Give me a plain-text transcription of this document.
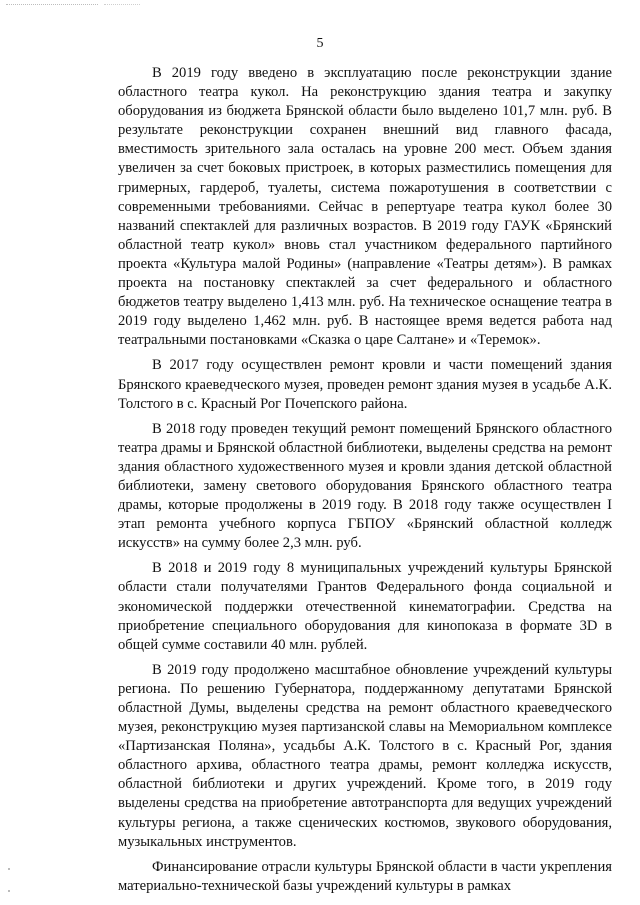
5

В 2019 году введено в эксплуатацию после реконструкции здание областного театра кукол. На реконструкцию здания театра и закупку оборудования из бюджета Брянской области было выделено 101,7 млн. руб. В результате реконструкции сохранен внешний вид главного фасада, вместимость зрительного зала осталась на уровне 200 мест. Объем здания увеличен за счет боковых пристроек, в которых разместились помещения для гримерных, гардероб, туалеты, система пожаротушения в соответствии с современными требованиями. Сейчас в репертуаре театра кукол более 30 названий спектаклей для различных возрастов. В 2019 году ГАУК «Брянский областной театр кукол» вновь стал участником федерального партийного проекта «Культура малой Родины» (направление «Театры детям»). В рамках проекта на постановку спектаклей за счет федерального и областного бюджетов театру выделено 1,413 млн. руб. На техническое оснащение театра в 2019 году выделено 1,462 млн. руб. В настоящее время ведется работа над театральными постановками «Сказка о царе Салтане» и «Теремок».

В 2017 году осуществлен ремонт кровли и части помещений здания Брянского краеведческого музея, проведен ремонт здания музея в усадьбе А.К. Толстого в с. Красный Рог Почепского района.

В 2018 году проведен текущий ремонт помещений Брянского областного театра драмы и Брянской областной библиотеки, выделены средства на ремонт здания областного художественного музея и кровли здания детской областной библиотеки, замену светового оборудования Брянского областного театра драмы, которые продолжены в 2019 году. В 2018 году также осуществлен I этап ремонта учебного корпуса ГБПОУ «Брянский областной колледж искусств» на сумму более 2,3 млн. руб.

В 2018 и 2019 году 8 муниципальных учреждений культуры Брянской области стали получателями Грантов Федерального фонда социальной и экономической поддержки отечественной кинематографии. Средства на приобретение специального оборудования для кинопоказа в формате 3D в общей сумме составили 40 млн. рублей.

В 2019 году продолжено масштабное обновление учреждений культуры региона. По решению Губернатора, поддержанному депутатами Брянской областной Думы, выделены средства на ремонт областного краеведческого музея, реконструкцию музея партизанской славы на Мемориальном комплексе «Партизанская Поляна», усадьбы А.К. Толстого в с. Красный Рог, здания областного архива, областного театра драмы, ремонт колледжа искусств, областной библиотеки и других учреждений. Кроме того, в 2019 году выделены средства на приобретение автотранспорта для ведущих учреждений культуры региона, а также сценических костюмов, звукового оборудования, музыкальных инструментов.

Финансирование отрасли культуры Брянской области в части укрепления материально-технической базы учреждений культуры в рамках
